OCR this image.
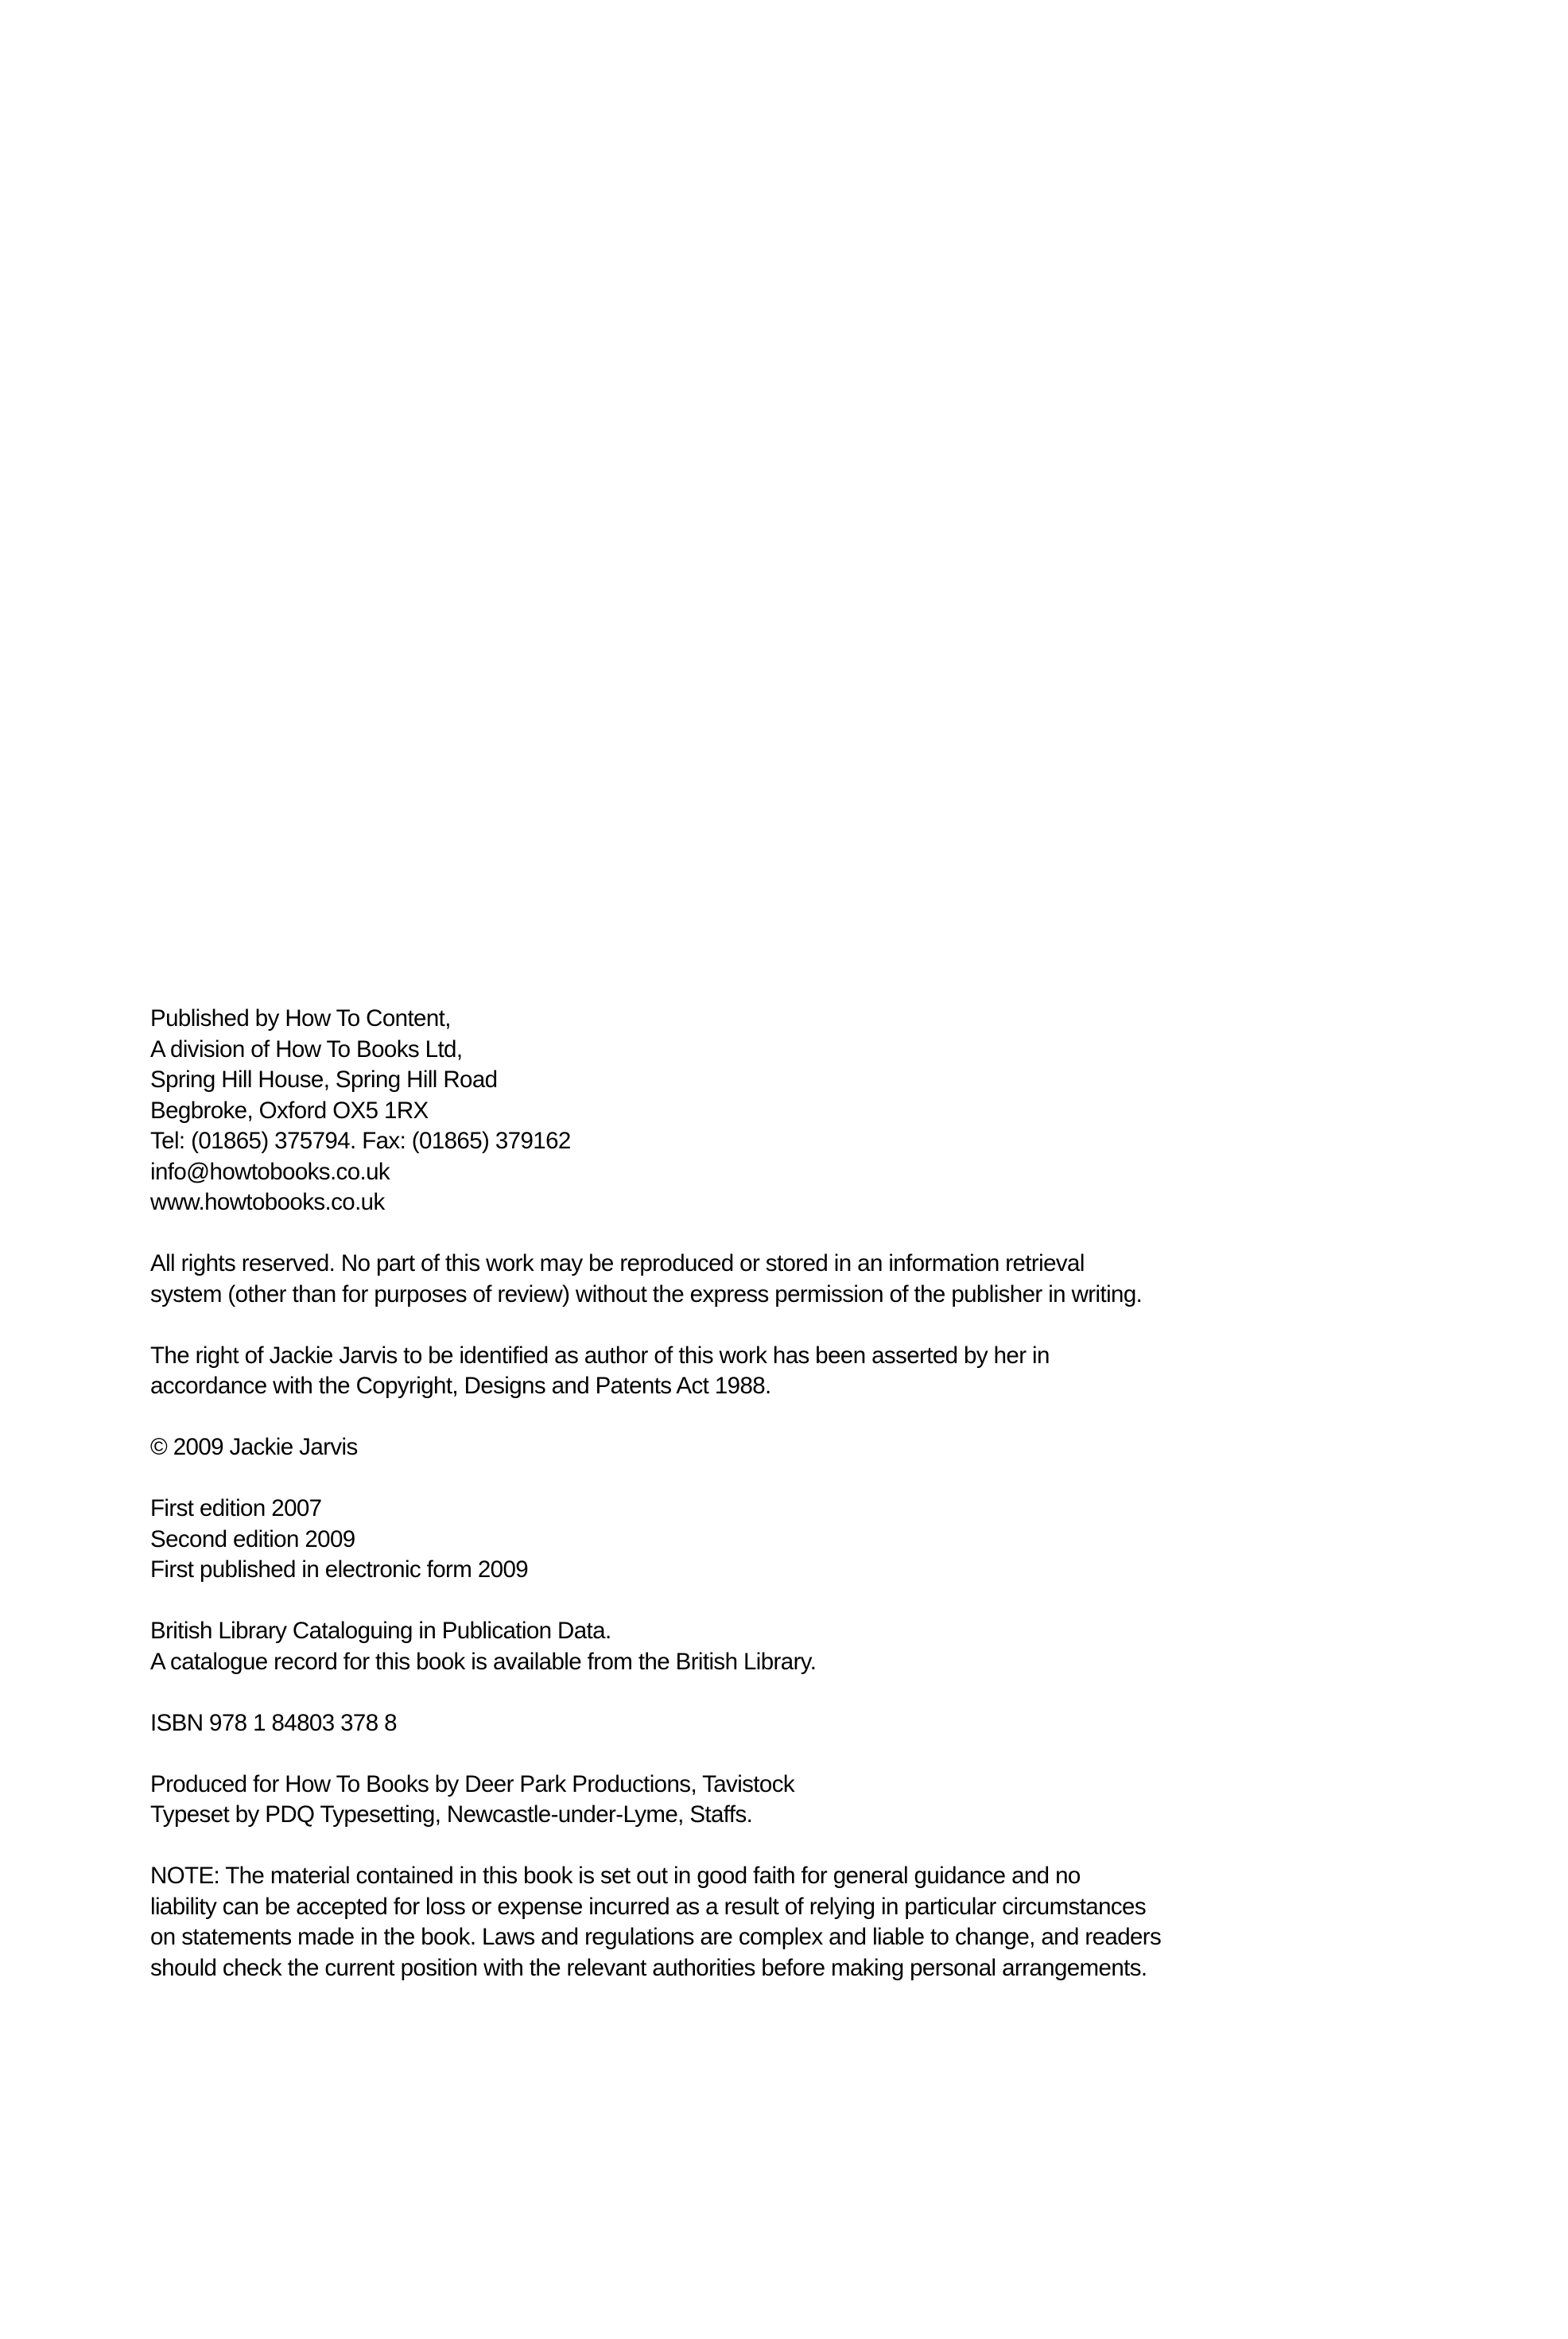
Published by How To Content,
A division of How To Books Ltd,
Spring Hill House, Spring Hill Road
Begbroke, Oxford OX5 1RX
Tel: (01865) 375794. Fax: (01865) 379162
info@howtobooks.co.uk
www.howtobooks.co.uk

All rights reserved. No part of this work may be reproduced or stored in an information retrieval
system (other than for purposes of review) without the express permission of the publisher in writing.

The right of Jackie Jarvis to be identified as author of this work has been asserted by her in
accordance with the Copyright, Designs and Patents Act 1988.

© 2009 Jackie Jarvis

First edition 2007
Second edition 2009
First published in electronic form 2009

British Library Cataloguing in Publication Data.
A catalogue record for this book is available from the British Library.

ISBN 978 1 84803 378 8

Produced for How To Books by Deer Park Productions, Tavistock
Typeset by PDQ Typesetting, Newcastle-under-Lyme, Staffs.

NOTE: The material contained in this book is set out in good faith for general guidance and no
liability can be accepted for loss or expense incurred as a result of relying in particular circumstances
on statements made in the book. Laws and regulations are complex and liable to change, and readers
should check the current position with the relevant authorities before making personal arrangements.
